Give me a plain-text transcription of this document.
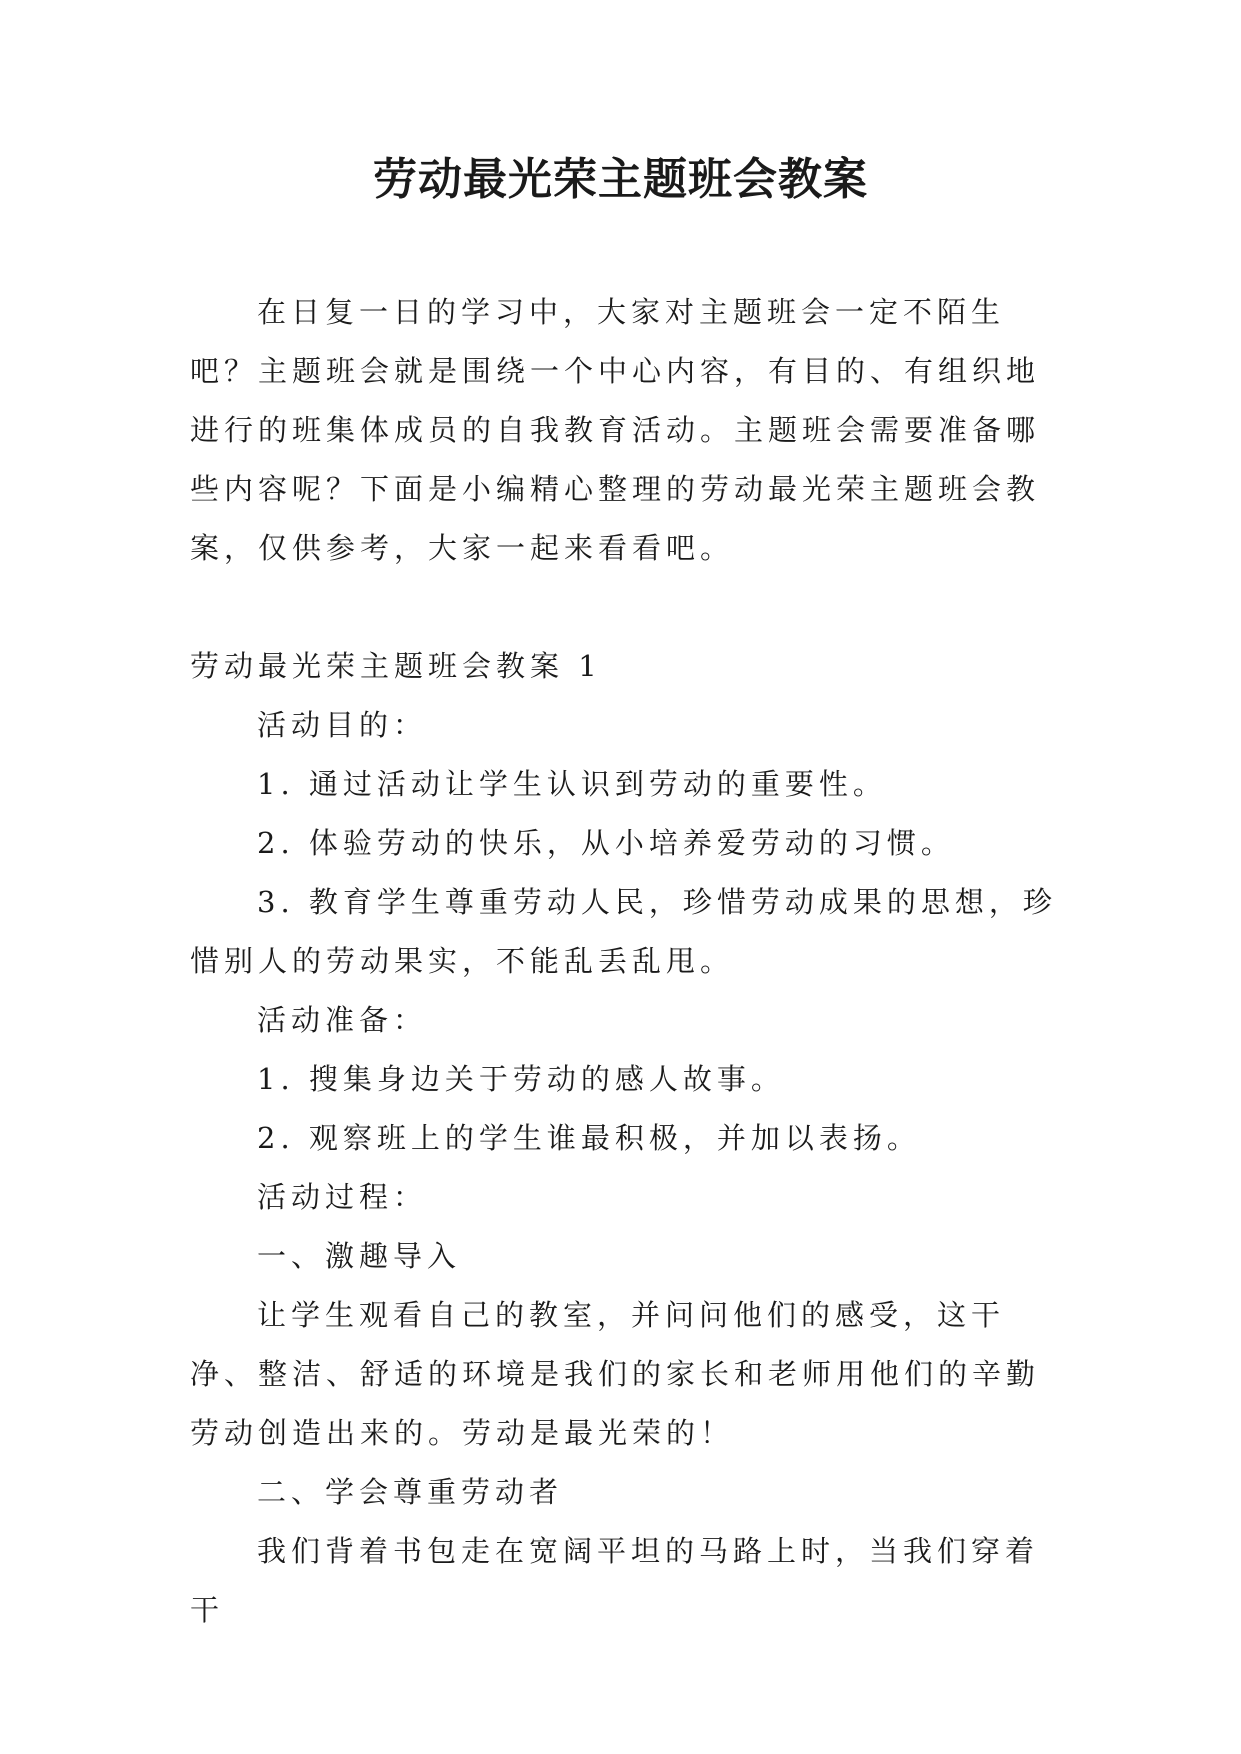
劳动最光荣主题班会教案

在日复一日的学习中，大家对主题班会一定不陌生吧？主题班会就是围绕一个中心内容，有目的、有组织地进行的班集体成员的自我教育活动。主题班会需要准备哪些内容呢？下面是小编精心整理的劳动最光荣主题班会教案，仅供参考，大家一起来看看吧。

劳动最光荣主题班会教案 1

活动目的：

1. 通过活动让学生认识到劳动的重要性。

2. 体验劳动的快乐，从小培养爱劳动的习惯。

3. 教育学生尊重劳动人民，珍惜劳动成果的思想，珍惜别人的劳动果实，不能乱丢乱甩。

活动准备：

1. 搜集身边关于劳动的感人故事。

2. 观察班上的学生谁最积极，并加以表扬。

活动过程：

一、激趣导入

让学生观看自己的教室，并问问他们的感受，这干净、整洁、舒适的环境是我们的家长和老师用他们的辛勤劳动创造出来的。劳动是最光荣的！

二、学会尊重劳动者

我们背着书包走在宽阔平坦的马路上时，当我们穿着干
